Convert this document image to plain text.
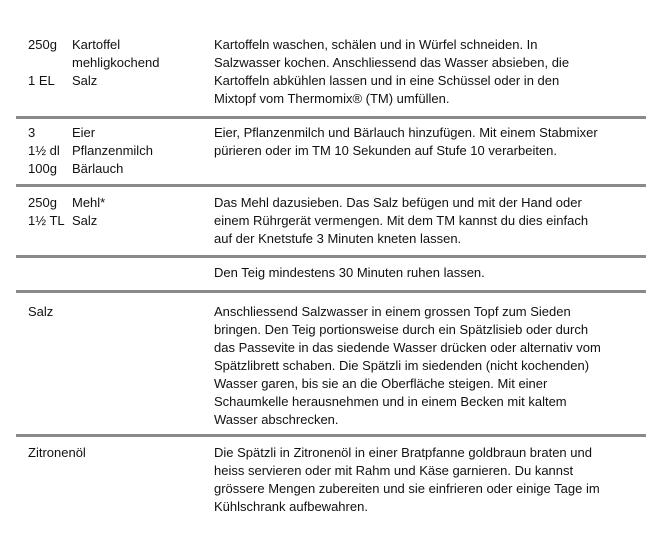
250g	Kartoffel mehligkochend
1 EL	Salz
Kartoffeln waschen, schälen und in Würfel schneiden. In Salzwasser kochen. Anschliessend das Wasser absieben, die Kartoffeln abkühlen lassen und in eine Schüssel oder in den Mixtopf vom Thermomix® (TM) umfüllen.
3	Eier
1½ dl Pflanzenmilch
100g	Bärlauch
Eier, Pflanzenmilch und Bärlauch hinzufügen. Mit einem Stabmixer pürieren oder im TM 10 Sekunden auf Stufe 10 verarbeiten.
250g	Mehl*
1½ TL Salz
Das Mehl dazusieben. Das Salz befügen und mit der Hand oder einem Rührgerät vermengen. Mit dem TM kannst du dies einfach auf der Knetstufe 3 Minuten kneten lassen.
Den Teig mindestens 30 Minuten ruhen lassen.
Salz	Anschliessend Salzwasser in einem grossen Topf zum Sieden bringen. Den Teig portionsweise durch ein Spätzlisieb oder durch das Passevite in das siedende Wasser drücken oder alternativ vom Spätzlibrett schaben. Die Spätzli im siedenden (nicht kochenden) Wasser garen, bis sie an die Oberfläche steigen. Mit einer Schaumkelle herausnehmen und in einem Becken mit kaltem Wasser abschrecken.
Zitronenöl	Die Spätzli in Zitronenöl in einer Bratpfanne goldbraun braten und heiss servieren oder mit Rahm und Käse garnieren. Du kannst grössere Mengen zubereiten und sie einfrieren oder einige Tage im Kühlschrank aufbewahren.
